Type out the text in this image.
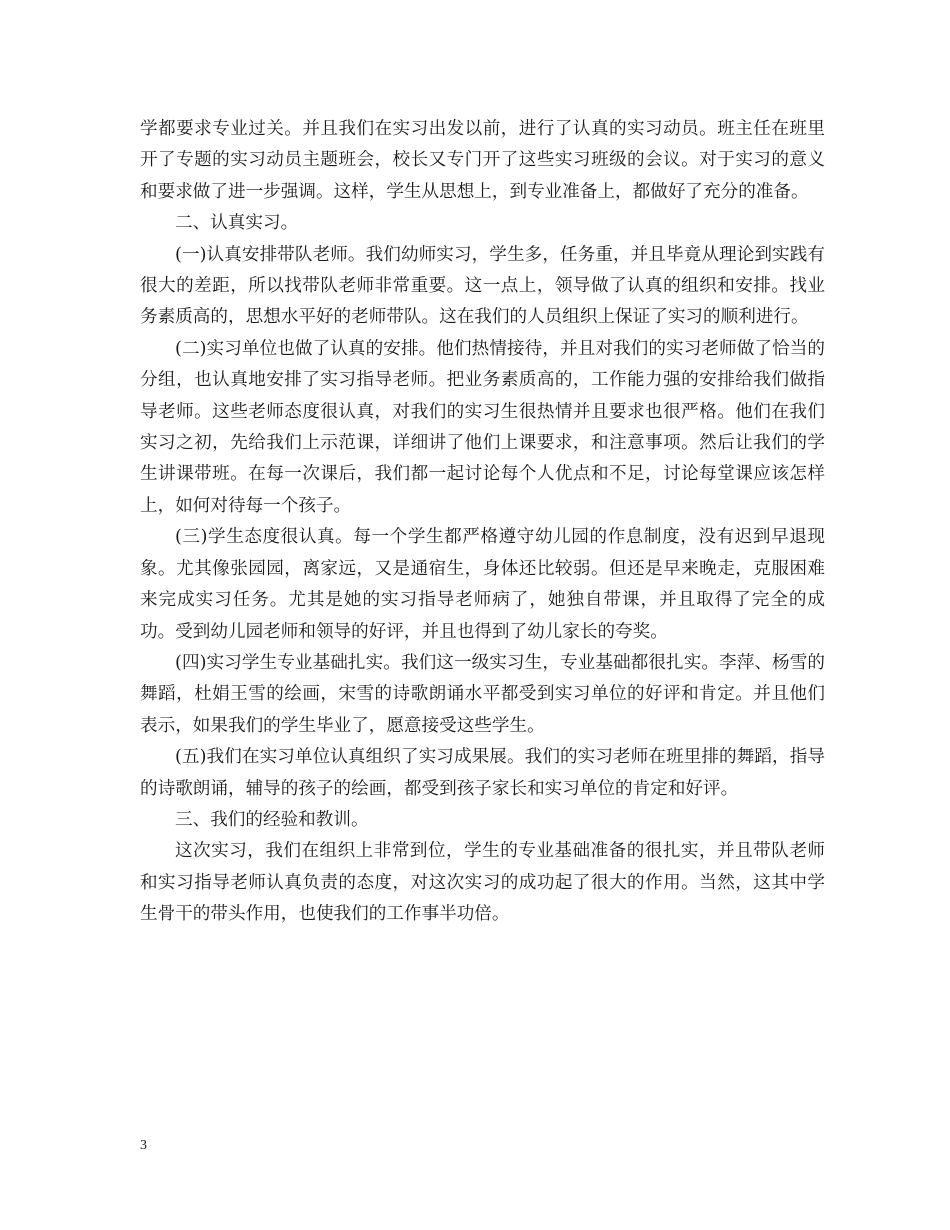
学都要求专业过关。并且我们在实习出发以前，进行了认真的实习动员。班主任在班里开了专题的实习动员主题班会，校长又专门开了这些实习班级的会议。对于实习的意义和要求做了进一步强调。这样，学生从思想上，到专业准备上，都做好了充分的准备。

二、认真实习。

(一)认真安排带队老师。我们幼师实习，学生多，任务重，并且毕竟从理论到实践有很大的差距，所以找带队老师非常重要。这一点上，领导做了认真的组织和安排。找业务素质高的，思想水平好的老师带队。这在我们的人员组织上保证了实习的顺利进行。

(二)实习单位也做了认真的安排。他们热情接待，并且对我们的实习老师做了恰当的分组，也认真地安排了实习指导老师。把业务素质高的，工作能力强的安排给我们做指导老师。这些老师态度很认真，对我们的实习生很热情并且要求也很严格。他们在我们实习之初，先给我们上示范课，详细讲了他们上课要求，和注意事项。然后让我们的学生讲课带班。在每一次课后，我们都一起讨论每个人优点和不足，讨论每堂课应该怎样上，如何对待每一个孩子。

(三)学生态度很认真。每一个学生都严格遵守幼儿园的作息制度，没有迟到早退现象。尤其像张园园，离家远，又是通宿生，身体还比较弱。但还是早来晚走，克服困难来完成实习任务。尤其是她的实习指导老师病了，她独自带课，并且取得了完全的成功。受到幼儿园老师和领导的好评，并且也得到了幼儿家长的夸奖。

(四)实习学生专业基础扎实。我们这一级实习生，专业基础都很扎实。李萍、杨雪的舞蹈，杜娟王雪的绘画，宋雪的诗歌朗诵水平都受到实习单位的好评和肯定。并且他们表示，如果我们的学生毕业了，愿意接受这些学生。

(五)我们在实习单位认真组织了实习成果展。我们的实习老师在班里排的舞蹈，指导的诗歌朗诵，辅导的孩子的绘画，都受到孩子家长和实习单位的肯定和好评。

三、我们的经验和教训。

这次实习，我们在组织上非常到位，学生的专业基础准备的很扎实，并且带队老师和实习指导老师认真负责的态度，对这次实习的成功起了很大的作用。当然，这其中学生骨干的带头作用，也使我们的工作事半功倍。

3
